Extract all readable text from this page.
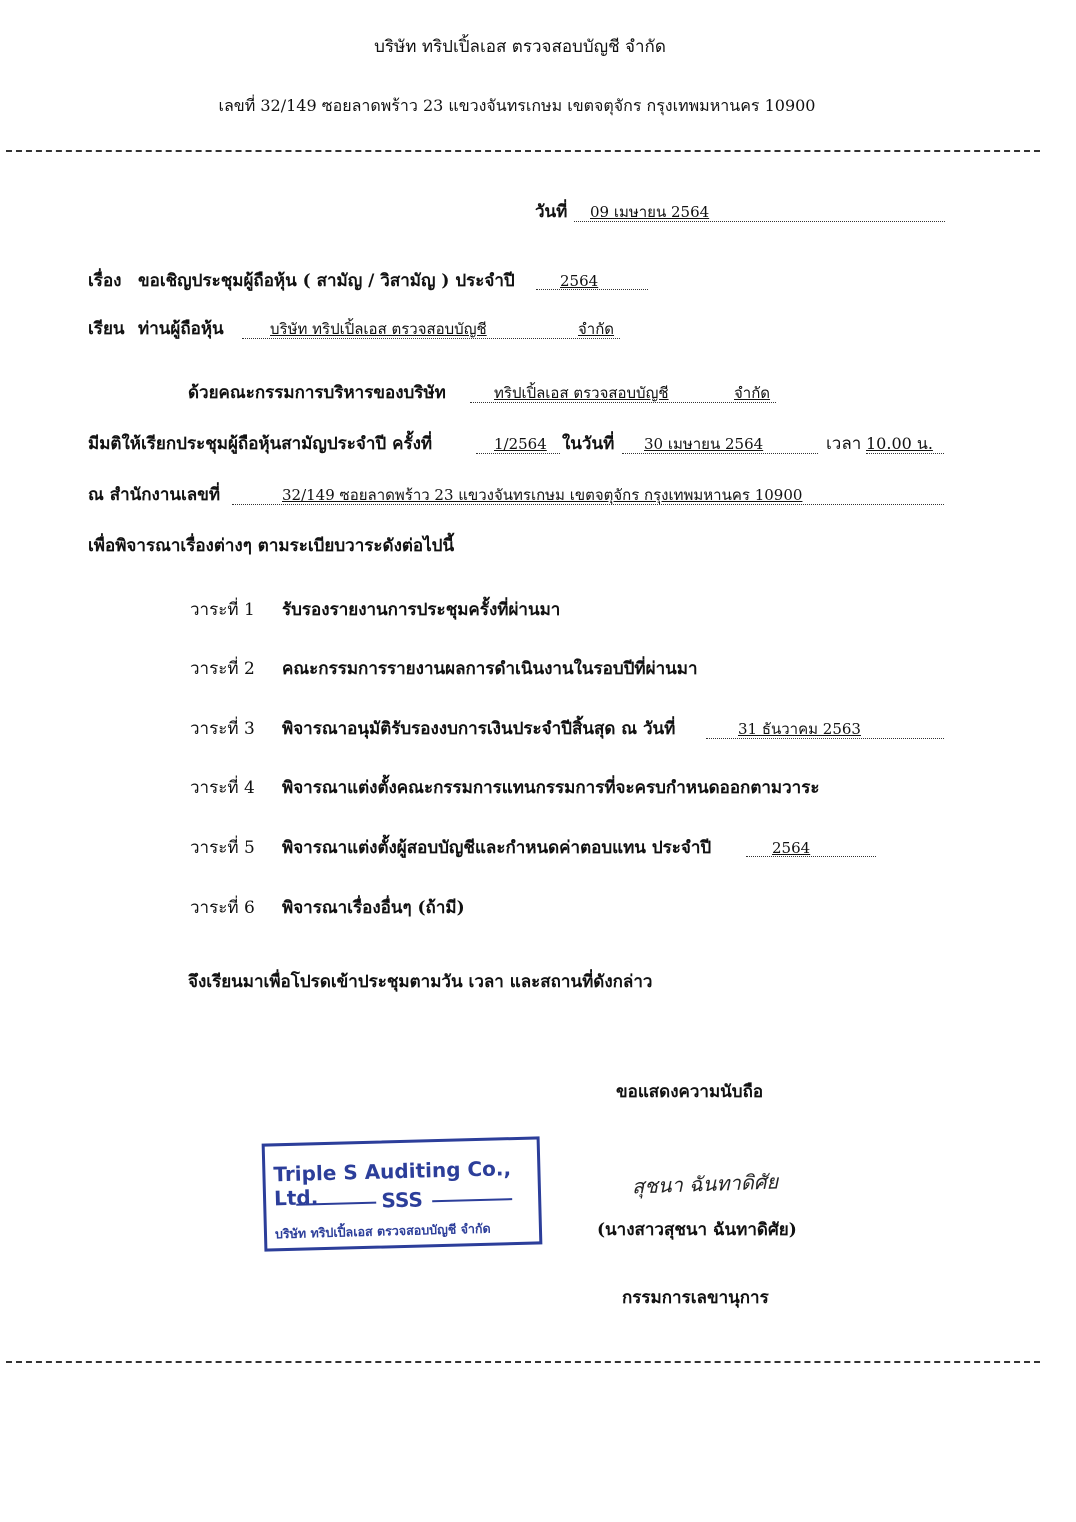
บริษัท ทริปเปิ้ลเอส ตรวจสอบบัญชี จำกัด
เลขที่ 32/149 ซอยลาดพร้าว 23 แขวงจันทรเกษม เขตจตุจักร กรุงเทพมหานคร 10900
วันที่ 09 เมษายน 2564
เรื่อง ขอเชิญประชุมผู้ถือหุ้น ( สามัญ / วิสามัญ ) ประจำปี	2564
เรียน ท่านผู้ถือหุ้น	บริษัท ทริปเปิ้ลเอส ตรวจสอบบัญชี	จำกัด
ด้วยคณะกรรมการบริหารของบริษัท	ทริปเปิ้ลเอส ตรวจสอบบัญชี	จำกัด
มีมติให้เรียกประชุมผู้ถือหุ้นสามัญประจำปี ครั้งที่	1/2564 ในวันที่ 30 เมษายน 2564	เวลา 10.00 น.
ณ สำนักงานเลขที่	32/149 ซอยลาดพร้าว 23 แขวงจันทรเกษม เขตจตุจักร กรุงเทพมหานคร 10900
เพื่อพิจารณาเรื่องต่างๆ ตามระเบียบวาระดังต่อไปนี้
วาระที่ 1 รับรองรายงานการประชุมครั้งที่ผ่านมา
วาระที่ 2 คณะกรรมการรายงานผลการดำเนินงานในรอบปีที่ผ่านมา
วาระที่ 3 พิจารณาอนุมัติรับรองงบการเงินประจำปีสิ้นสุด ณ วันที่	31 ธันวาคม 2563
วาระที่ 4 พิจารณาแต่งตั้งคณะกรรมการแทนกรรมการที่จะครบกำหนดออกตามวาระ
วาระที่ 5 พิจารณาแต่งตั้งผู้สอบบัญชีและกำหนดค่าตอบแทน ประจำปี	2564
วาระที่ 6 พิจารณาเรื่องอื่นๆ (ถ้ามี)
จึงเรียนมาเพื่อโปรดเข้าประชุมตามวัน เวลา และสถานที่ดังกล่าว
ขอแสดงความนับถือ
Triple S Auditing Co., Ltd.	SSS
บริษัท ทริปเปิ้ลเอส ตรวจสอบบัญชี จำกัด
สุชนา ฉันทาดิศัย
(นางสาวสุชนา ฉันทาดิศัย)
กรรมการเลขานุการ
